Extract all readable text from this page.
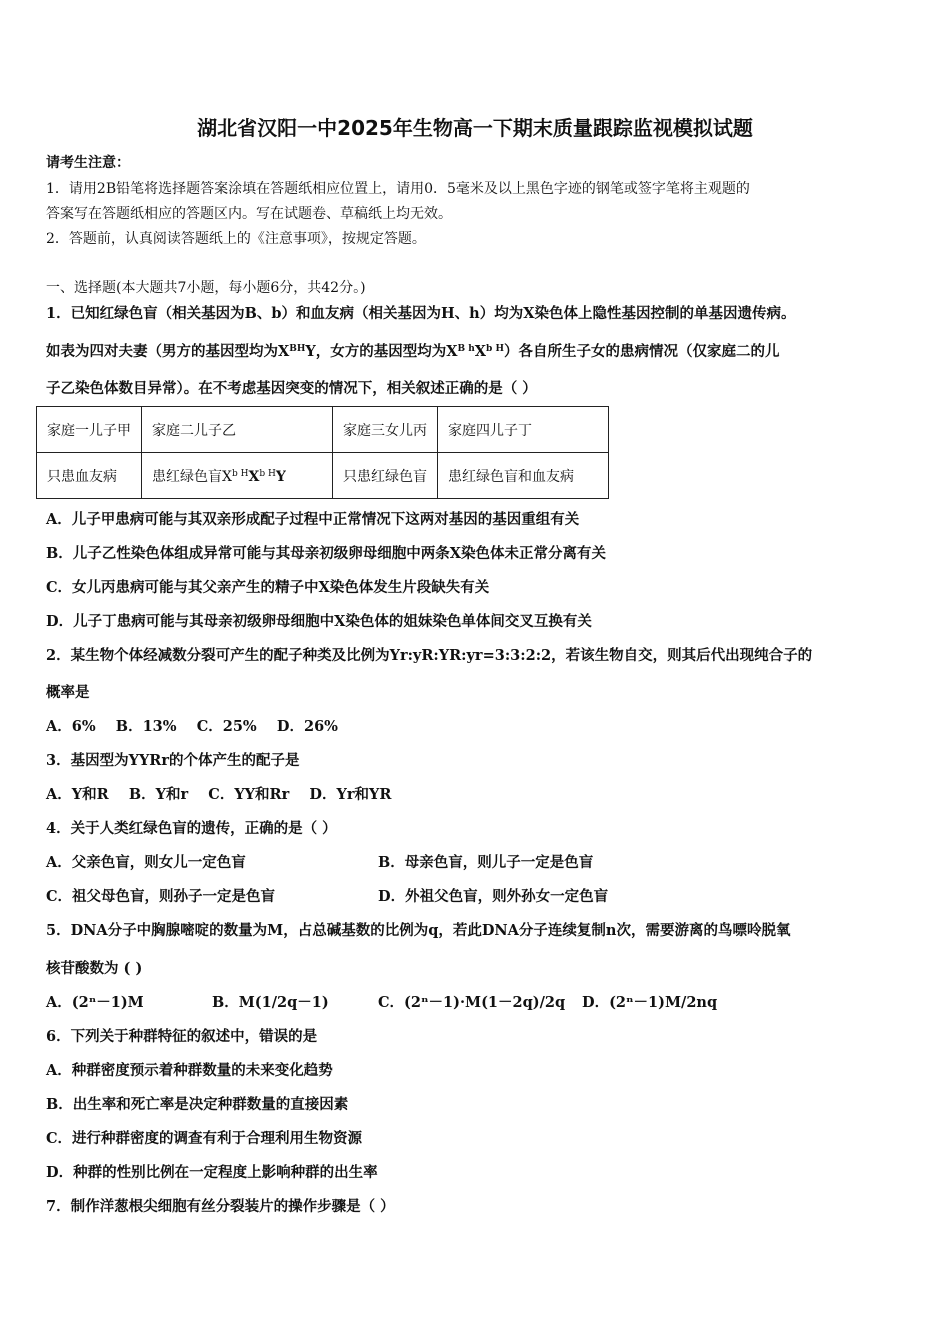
湖北省汉阳一中2025年生物高一下期末质量跟踪监视模拟试题
请考生注意：
1．请用2B铅笔将选择题答案涂填在答题纸相应位置上，请用0．5毫米及以上黑色字迹的钢笔或签字笔将主观题的
答案写在答题纸相应的答题区内。写在试题卷、草稿纸上均无效。
2．答题前，认真阅读答题纸上的《注意事项》，按规定答题。
一、选择题(本大题共7小题，每小题6分，共42分。)
1．已知红绿色盲（相关基因为B、b）和血友病（相关基因为H、h）均为X染色体上隐性基因控制的单基因遗传病。
如表为四对夫妻（男方的基因型均为$X^{BH}Y$，女方的基因型均为$X^{B h}X^{b H}$）各自所生子女的患病情况（仅家庭二的儿
子乙染色体数目异常）。在不考虑基因突变的情况下，相关叙述正确的是（ ）
家庭一儿子甲	家庭二儿子乙	家庭三女儿丙	家庭四儿子丁
只患血友病	患红绿色盲$X^{b H}X^{b H}Y$	只患红绿色盲	患红绿色盲和血友病
A．儿子甲患病可能与其双亲形成配子过程中正常情况下这两对基因的基因重组有关
B．儿子乙性染色体组成异常可能与其母亲初级卵母细胞中两条X染色体未正常分离有关
C．女儿丙患病可能与其父亲产生的精子中X染色体发生片段缺失有关
D．儿子丁患病可能与其母亲初级卵母细胞中X染色体的姐妹染色单体间交叉互换有关
2．某生物个体经减数分裂可产生的配子种类及比例为Yr:yR:YR:yr=3:3:2:2，若该生物自交，则其后代出现纯合子的
概率是
A．6%    B．13%    C．25%    D．26%
3．基因型为YYRr的个体产生的配子是
A．Y和R    B．Y和r    C．YY和Rr    D．Yr和YR
4．关于人类红绿色盲的遗传，正确的是（ ）
A．父亲色盲，则女儿一定色盲	B．母亲色盲，则儿子一定是色盲
C．祖父母色盲，则孙子一定是色盲	D．外祖父色盲，则外孙女一定色盲
5．DNA分子中胸腺嘧啶的数量为M，占总碱基数的比例为q，若此DNA分子连续复制n次，需要游离的鸟嘌呤脱氧
核苷酸数为 ( )
A．(2ⁿ－1)M	B．M(1/2q－1)	C．(2ⁿ－1)·M(1－2q)/2q D．(2ⁿ－1)M/2nq
6．下列关于种群特征的叙述中，错误的是
A．种群密度预示着种群数量的未来变化趋势
B．出生率和死亡率是决定种群数量的直接因素
C．进行种群密度的调查有利于合理利用生物资源
D．种群的性别比例在一定程度上影响种群的出生率
7．制作洋葱根尖细胞有丝分裂装片的操作步骤是（ ）
